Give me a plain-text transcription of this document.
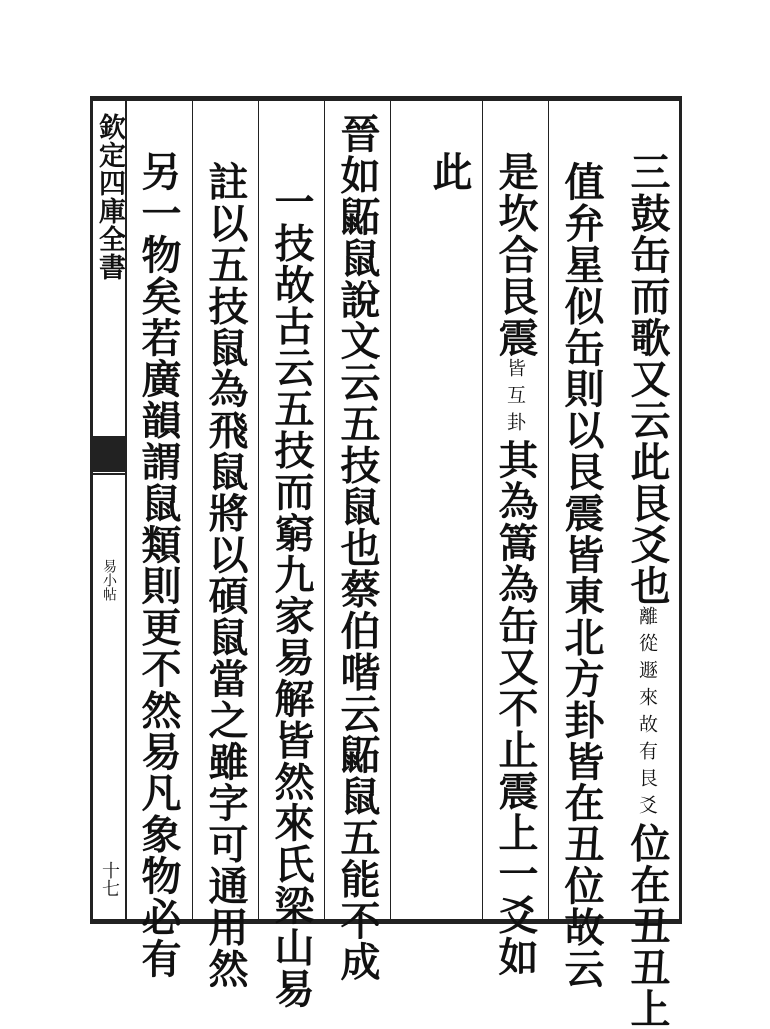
欽定四庫全書
易小帖
十七
三鼓缶而歌又云此艮爻也離從遯來故有艮爻位在丑丑上
值弁星似缶則以艮震皆東北方卦皆在丑位故云
是坎合艮震皆互卦其為篙為缶又不止震上一爻如
此
晉如鼫鼠說文云五技鼠也蔡伯喈云鼫鼠五能不成
一技故古云五技而窮九家易解皆然來氏梁山易
註以五技鼠為飛鼠將以碩鼠當之雖字可通用然
另一物矣若廣韻謂鼠類則更不然易凡象物必有
